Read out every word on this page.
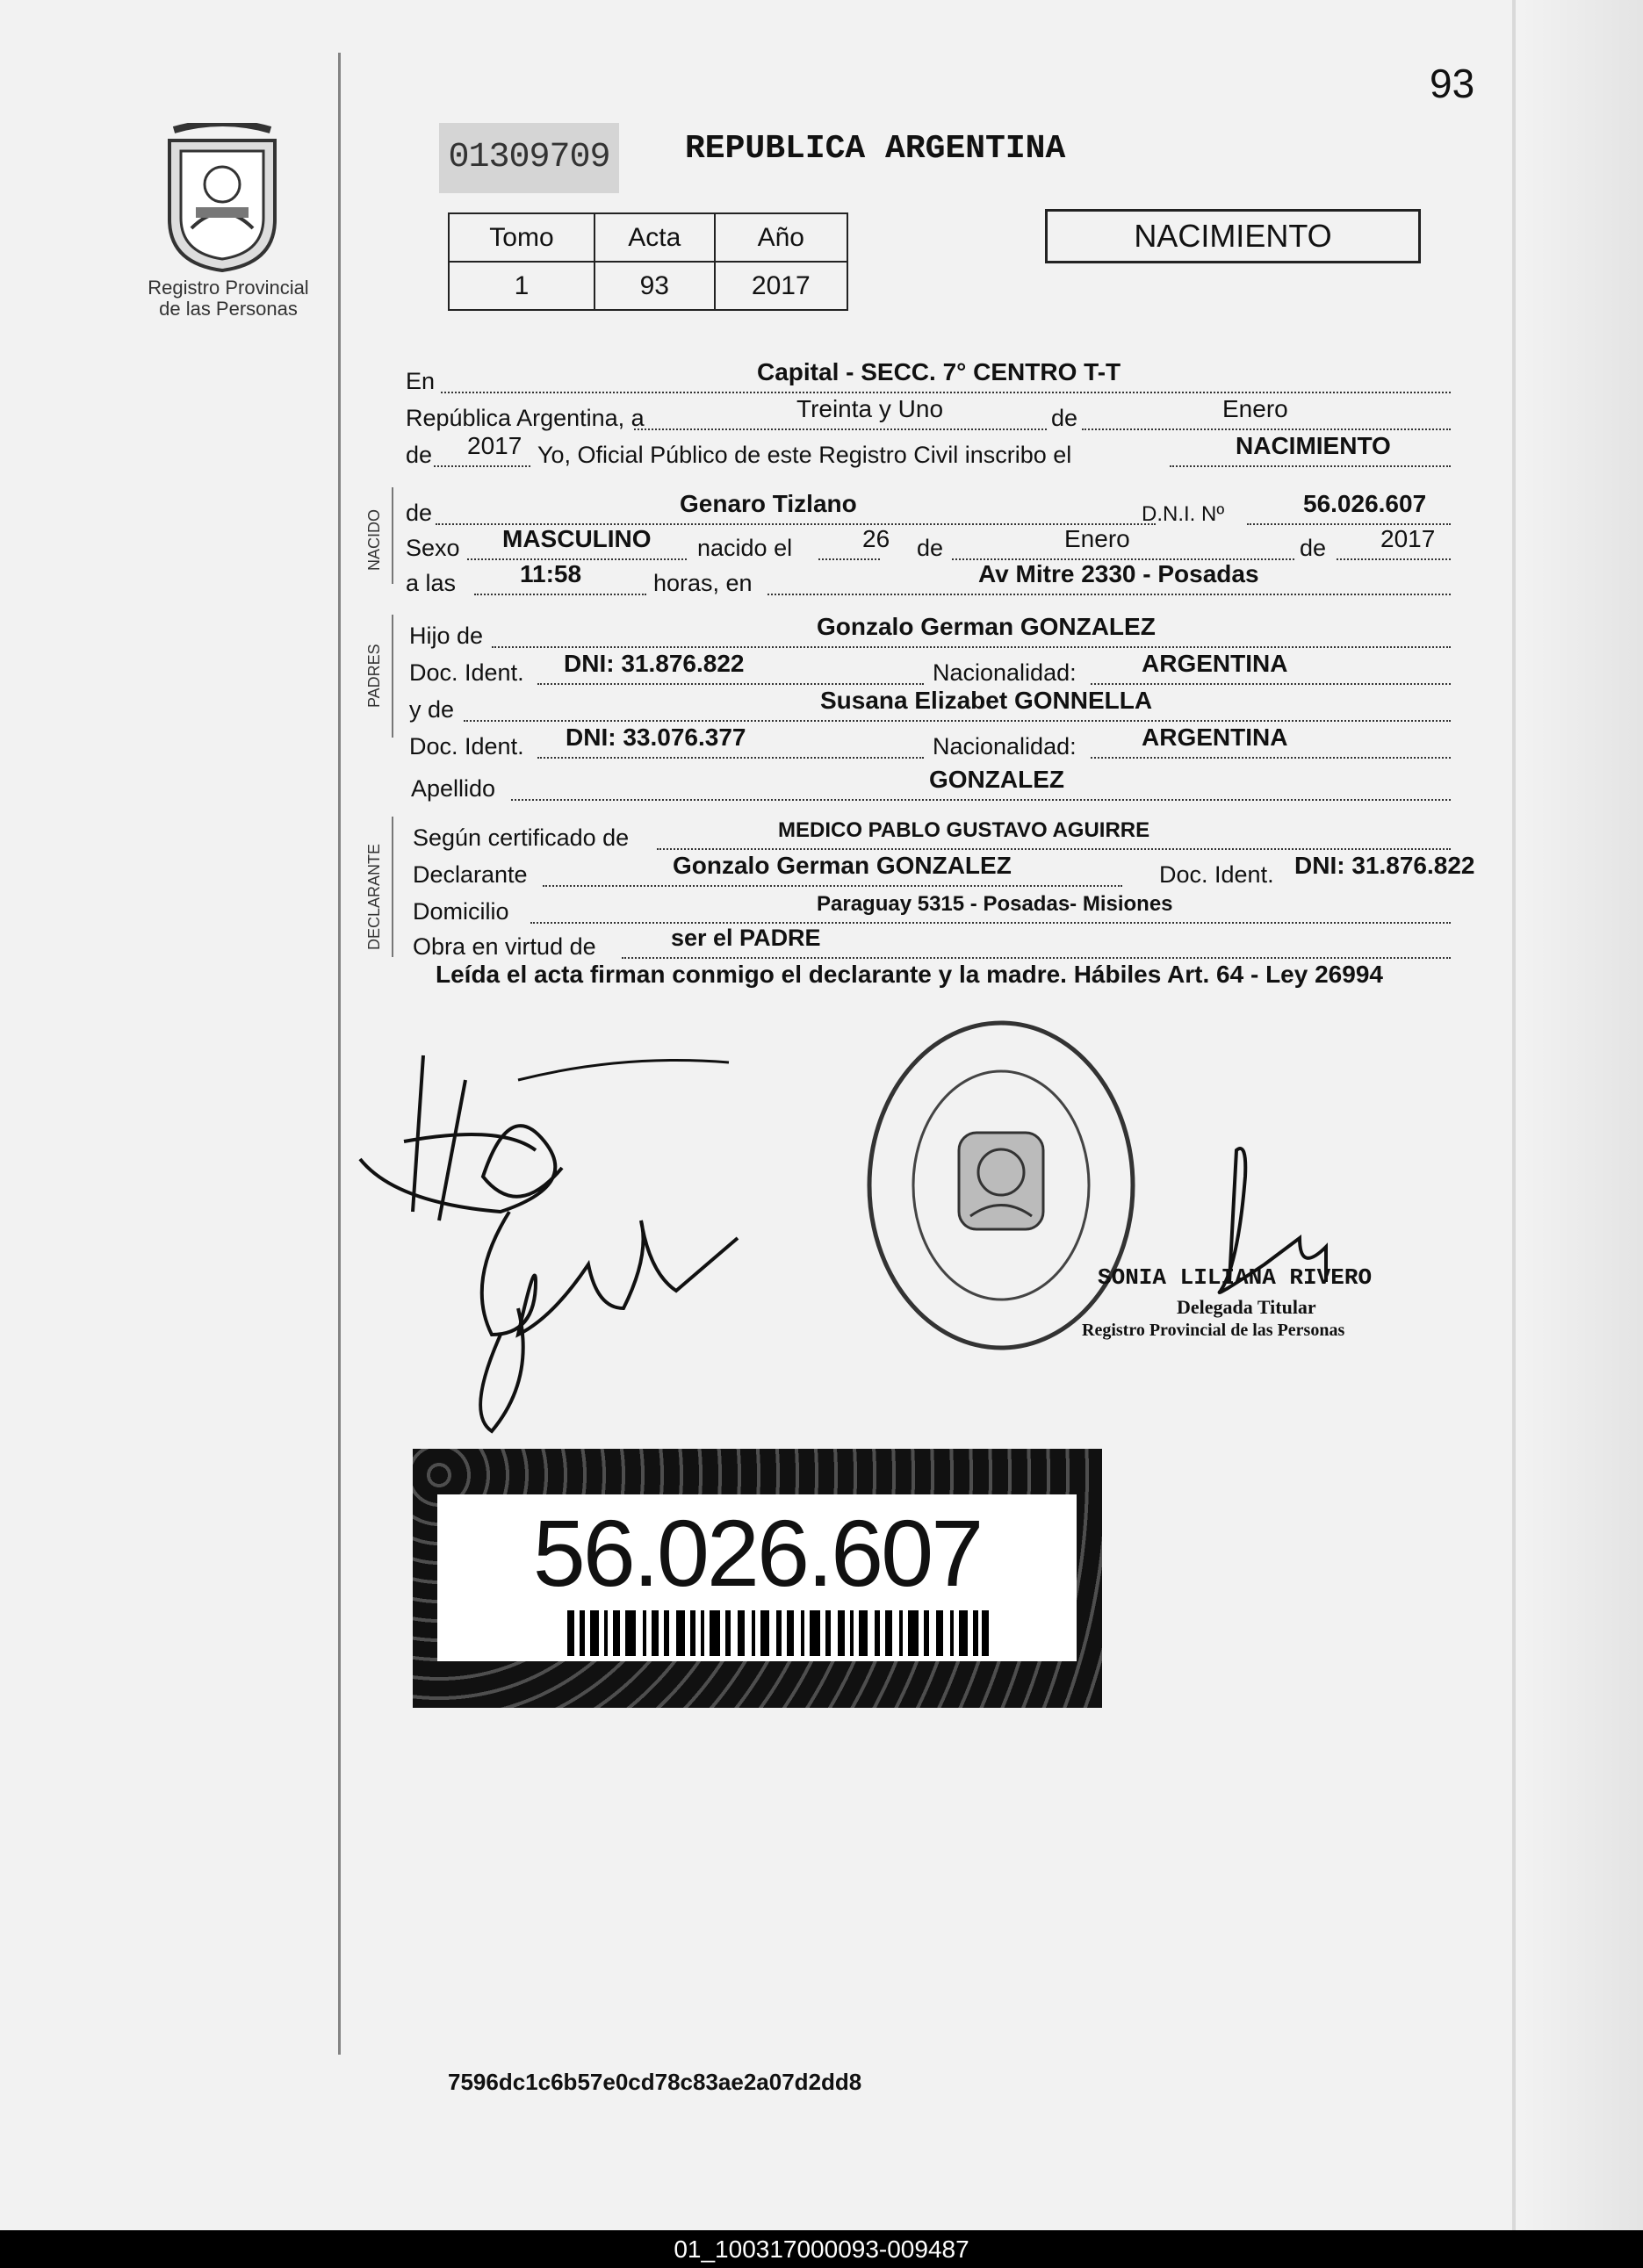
93
Registro Provincial
de las Personas
01309709 REPUBLICA ARGENTINA
Tomo	Acta	Año
1	93	2017
NACIMIENTO
NACIDO
PADRES
DECLARANTE
En	Capital - SECC. 7° CENTRO T-T
República Argentina, a	Treinta y Uno	de	Enero
de 2017 Yo, Oficial Público de este Registro Civil inscribo el	NACIMIENTO
de	Genaro Tizlano	D.N.I. Nº	56.026.607
Sexo MASCULINO nacido el	26 de	Enero	de 2017
a las	11:58	horas, en	Av Mitre 2330 - Posadas
Hijo de	Gonzalo German GONZALEZ
Doc. Ident. DNI: 31.876.822	Nacionalidad:	ARGENTINA
y de	Susana Elizabet GONNELLA
Doc. Ident. DNI: 33.076.377	Nacionalidad:	ARGENTINA
Apellido	GONZALEZ
Según certificado de	MEDICO PABLO GUSTAVO AGUIRRE
Declarante	Gonzalo German GONZALEZ	Doc. Ident. DNI: 31.876.822
Domicilio	Paraguay 5315 - Posadas- Misiones
Obra en virtud de	ser el PADRE
Leída el acta firman conmigo el declarante y la madre. Hábiles Art. 64 - Ley 26994
SONIA LILIANA RIVERO
Delegada Titular
Registro Provincial de las Personas
56.026.607
7596dc1c6b57e0cd78c83ae2a07d2dd8
01_100317000093-009487
